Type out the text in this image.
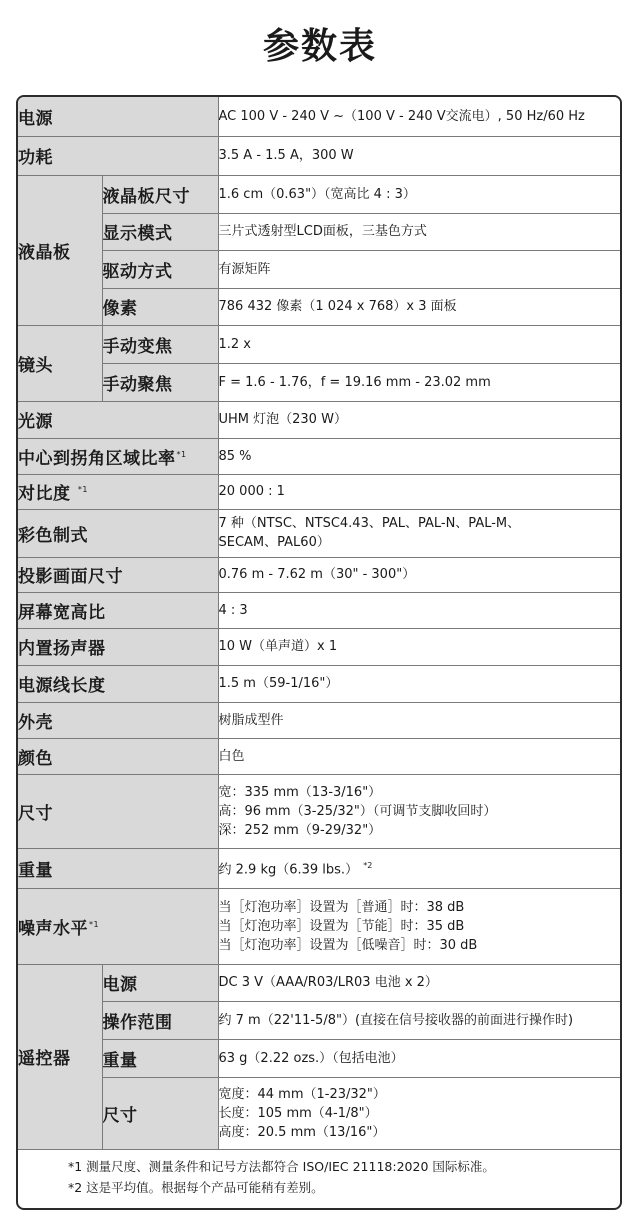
参数表
电源		AC 100 V - 240 V ~（100 V - 240 V交流电）, 50 Hz/60 Hz
功耗		3.5 A - 1.5 A，300 W
液晶板	液晶板尺寸	1.6 cm（0.63"）（宽高比 4 : 3）
	显示模式	三片式透射型LCD面板，三基色方式
	驱动方式	有源矩阵
	像素	786 432 像素（1 024 x 768）x 3 面板
镜头	手动变焦	1.2 x
	手动聚焦	F = 1.6 - 1.76，f = 19.16 mm - 23.02 mm
光源		UHM 灯泡（230 W）
中心到拐角区域比率$^{*1}$		85 %
对比度 $^{*1}$		20 000 : 1
彩色制式		7 种（NTSC、NTSC4.43、PAL、PAL-N、PAL-M、
SECAM、PAL60）

投影画面尺寸		0.76 m - 7.62 m（30" - 300"）
屏幕宽高比		4 : 3
内置扬声器		10 W（单声道）x 1
电源线长度		1.5 m（59-1/16"）
外壳		树脂成型件
颜色		白色
尺寸		宽：335 mm（13-3/16"）
高：96 mm（3-25/32"）（可调节支脚收回时）
深：252 mm（9-29/32"）

重量		约 2.9 kg（6.39 lbs.） $^{*2}$
噪声水平$^{*1}$		当［灯泡功率］设置为［普通］时：38 dB
当［灯泡功率］设置为［节能］时：35 dB
当［灯泡功率］设置为［低噪音］时：30 dB

遥控器	电源	DC 3 V（AAA/R03/LR03 电池 x 2）
	操作范围	约 7 m（22'11-5/8"）(直接在信号接收器的前面进行操作时)
	重量	63 g（2.22 ozs.）（包括电池）
	尺寸	宽度：44 mm（1-23/32"）
长度：105 mm（4-1/8"）
高度：20.5 mm（13/16"）
*1 测量尺度、测量条件和记号方法都符合 ISO/IEC 21118:2020 国际标准。
*2 这是平均值。根据每个产品可能稍有差别。
